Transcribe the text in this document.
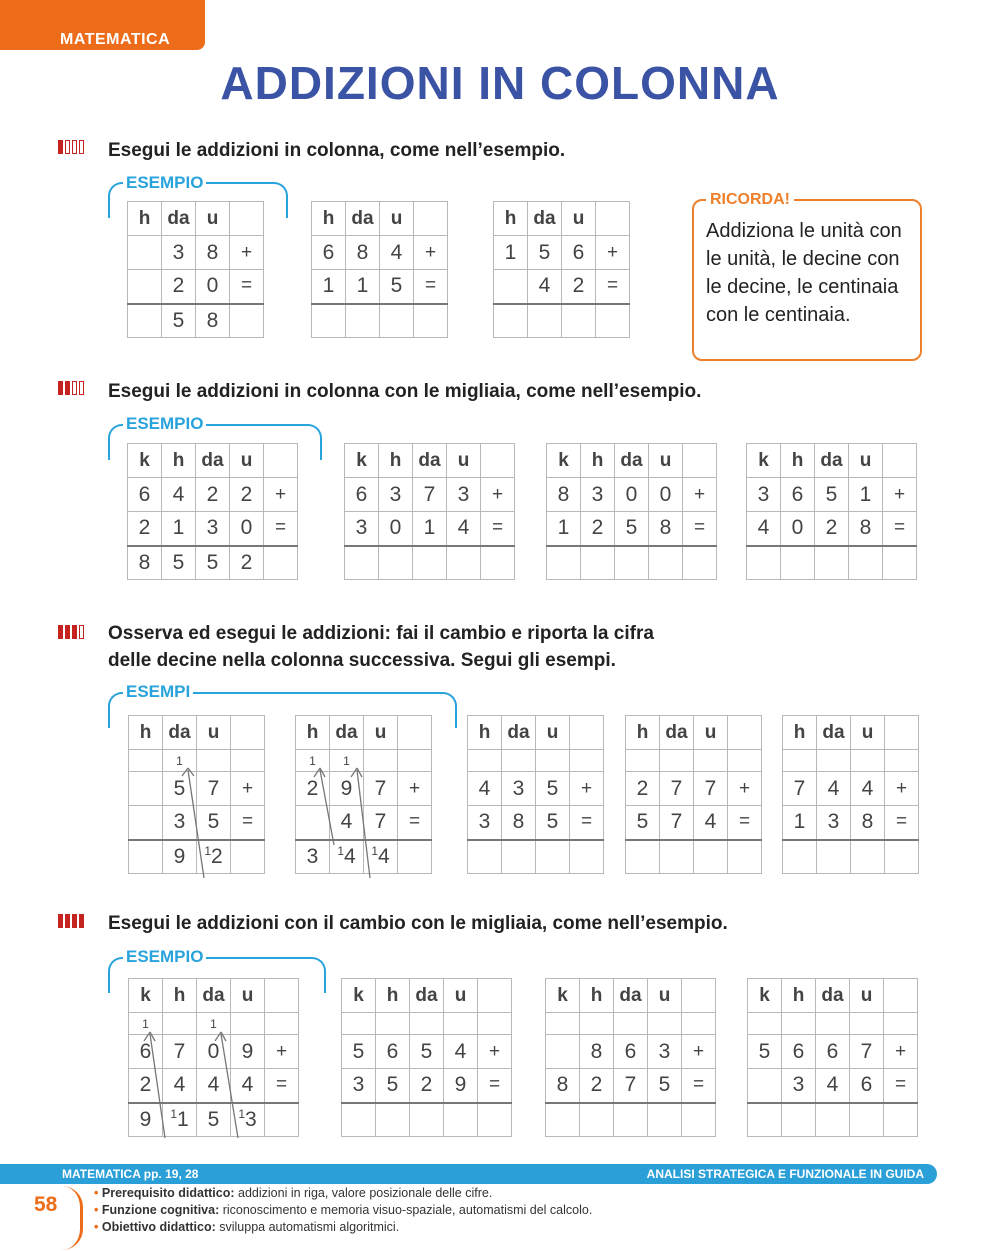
MATEMATICA
ADDIZIONI IN COLONNA
Esegui le addizioni in colonna, come nell’esempio.
ESEMPIO
h	da	u	
	3	8	+
	2	0	=
	5	8	
h	da	u	
6	8	4	+
1	1	5	=

h	da	u	
1	5	6	+
	4	2	=

RICORDA!
Addiziona le unità con le unità, le decine con le decine, le centinaia con le centinaia.
Esegui le addizioni in colonna con le migliaia, come nell’esempio.
ESEMPIO
k	h	da	u	
6	4	2	2	+
2	1	3	0	=
8	5	5	2	
k	h	da	u	
6	3	7	3	+
3	0	1	4	=

k	h	da	u	
8	3	0	0	+
1	2	5	8	=

k	h	da	u	
3	6	5	1	+
4	0	2	8	=

Osserva ed esegui le addizioni: fai il cambio e riporta la cifra
delle decine nella colonna successiva. Segui gli esempi.
ESEMPI
h	da	u	
	1		
	5	7	+
	3	5	=
	9	$^1$2	
h	da	u	
1	1		
2	9	7	+
	4	7	=
3	$^1$4	$^1$4	
h	da	u	

4	3	5	+
3	8	5	=

h	da	u	

2	7	7	+
5	7	4	=

h	da	u	

7	4	4	+
1	3	8	=

Esegui le addizioni con il cambio con le migliaia, come nell’esempio.
ESEMPIO
k	h	da	u	
1		1		
6	7	0	9	+
2	4	4	4	=
9	$^1$1	5	$^1$3	
k	h	da	u	

5	6	5	4	+
3	5	2	9	=

k	h	da	u	

	8	6	3	+
8	2	7	5	=

k	h	da	u	

5	6	6	7	+
	3	4	6	=

MATEMATICA pp. 19, 28	ANALISI STRATEGICA E FUNZIONALE IN GUIDA
58	• Prerequisito didattico: addizioni in riga, valore posizionale delle cifre.
• Funzione cognitiva: riconoscimento e memoria visuo-spaziale, automatismi del calcolo.
• Obiettivo didattico: sviluppa automatismi algoritmici.
